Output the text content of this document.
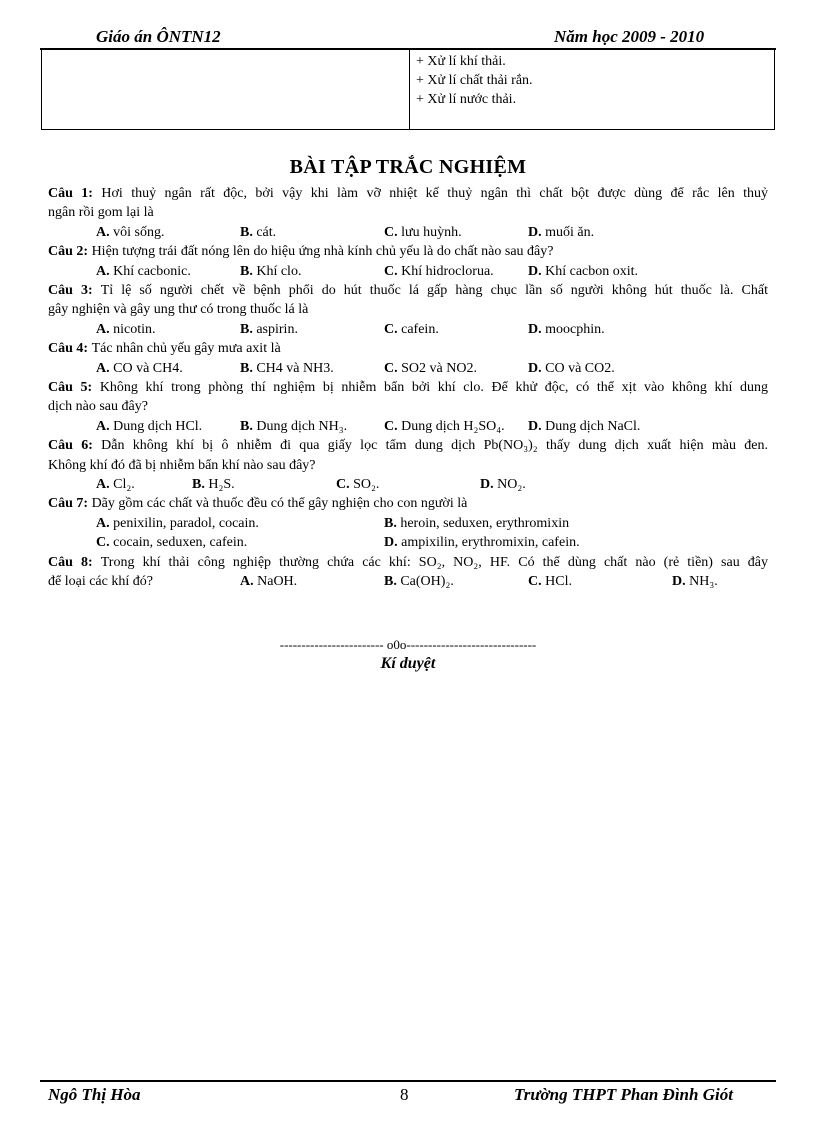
Giáo án ÔNTN12	Năm học 2009 - 2010
+ Xử lí khí thải.
+ Xử lí chất thải rắn.
+ Xử lí nước thải.
BÀI TẬP TRẮC NGHIỆM
Câu 1: Hơi thuỷ ngân rất độc, bởi vậy khi làm vỡ nhiệt kế thuỷ ngân thì chất bột được dùng để rắc lên thuỷ
ngân rồi gom lại là
A. vôi sống.	B. cát.	C. lưu huỳnh.	D. muối ăn.
Câu 2: Hiện tượng trái đất nóng lên do hiệu ứng nhà kính chủ yếu là do chất nào sau đây?
A. Khí cacbonic.	B. Khí clo.	C. Khí hidroclorua. D. Khí cacbon oxit.
Câu 3: Tỉ lệ số người chết về bệnh phổi do hút thuốc lá gấp hàng chục lần số người không hút thuốc là. Chất
gây nghiện và gây ung thư có trong thuốc lá là
A. nicotin.	B. aspirin.	C. cafein.	D. moocphin.
Câu 4: Tác nhân chủ yếu gây mưa axit là
A. CO và CH4.	B. CH4 và NH3.	C. SO2 và NO2.	D. CO và CO2.
Câu 5: Không khí trong phòng thí nghiệm bị nhiễm bẩn bởi khí clo. Để khử độc, có thể xịt vào không khí dung
dịch nào sau đây?
A. Dung dịch HCl.	B. Dung dịch NH₃.	C. Dung dịch H₂SO₄. D. Dung dịch NaCl.
Câu 6: Dẫn không khí bị ô nhiễm đi qua giấy lọc tẩm dung dịch Pb(NO₃)₂ thấy dung dịch xuất hiện màu đen.
Không khí đó đã bị nhiễm bẩn khí nào sau đây?
A. Cl₂.	B. H₂S.	C. SO₂.	D. NO₂.
Câu 7: Dãy gồm các chất và thuốc đều có thể gây nghiện cho con người là
A. penixilin, paradol, cocain.	B. heroin, seduxen, erythromixin
C. cocain, seduxen, cafein.	D. ampixilin, erythromixin, cafein.
Câu 8: Trong khí thải công nghiệp thường chứa các khí: SO₂, NO₂, HF. Có thể dùng chất nào (rẻ tiền) sau đây
để loại các khí đó?	A. NaOH.	B. Ca(OH)₂.	C. HCl.	D. NH₃.
------------------------ o0o------------------------------
Kí duyệt
Ngô Thị Hòa	8	Trường THPT Phan Đình Giót
